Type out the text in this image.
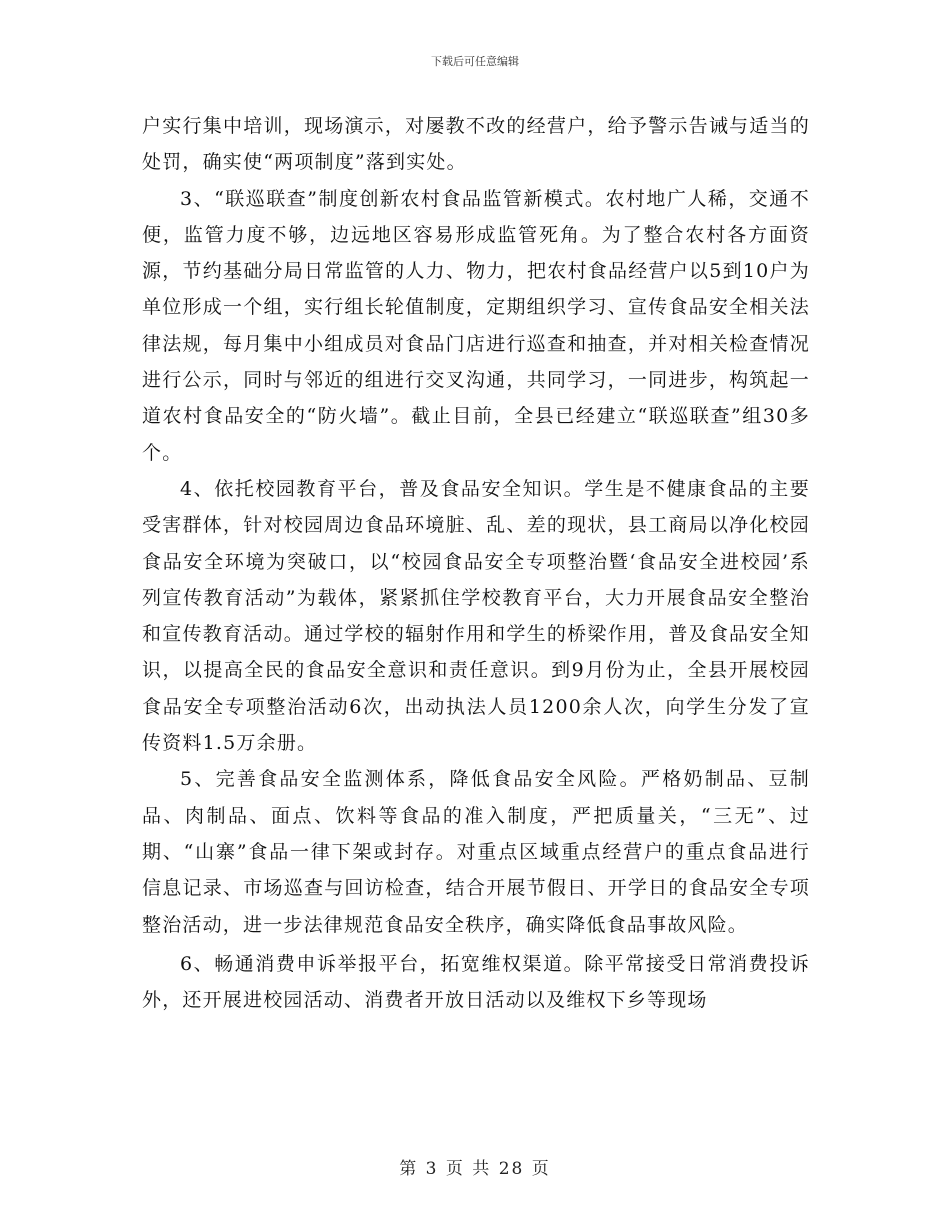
下载后可任意编辑

户实行集中培训，现场演示，对屡教不改的经营户，给予警示告诫与适当的处罚，确实使“两项制度”落到实处。

3、“联巡联查”制度创新农村食品监管新模式。农村地广人稀，交通不便，监管力度不够，边远地区容易形成监管死角。为了整合农村各方面资源，节约基础分局日常监管的人力、物力，把农村食品经营户以5到10户为单位形成一个组，实行组长轮值制度，定期组织学习、宣传食品安全相关法律法规，每月集中小组成员对食品门店进行巡查和抽查，并对相关检查情况进行公示，同时与邻近的组进行交叉沟通，共同学习，一同进步，构筑起一道农村食品安全的“防火墙”。截止目前，全县已经建立“联巡联查”组30多个。

4、依托校园教育平台，普及食品安全知识。学生是不健康食品的主要受害群体，针对校园周边食品环境脏、乱、差的现状，县工商局以净化校园食品安全环境为突破口，以“校园食品安全专项整治暨‘食品安全进校园’系列宣传教育活动”为载体，紧紧抓住学校教育平台，大力开展食品安全整治和宣传教育活动。通过学校的辐射作用和学生的桥梁作用，普及食品安全知识，以提高全民的食品安全意识和责任意识。到9月份为止，全县开展校园食品安全专项整治活动6次，出动执法人员1200余人次，向学生分发了宣传资料1.5万余册。

5、完善食品安全监测体系，降低食品安全风险。严格奶制品、豆制品、肉制品、面点、饮料等食品的准入制度，严把质量关，“三无”、过期、“山寨”食品一律下架或封存。对重点区域重点经营户的重点食品进行信息记录、市场巡查与回访检查，结合开展节假日、开学日的食品安全专项整治活动，进一步法律规范食品安全秩序，确实降低食品事故风险。

6、畅通消费申诉举报平台，拓宽维权渠道。除平常接受日常消费投诉外，还开展进校园活动、消费者开放日活动以及维权下乡等现场

第 3 页 共 28 页
